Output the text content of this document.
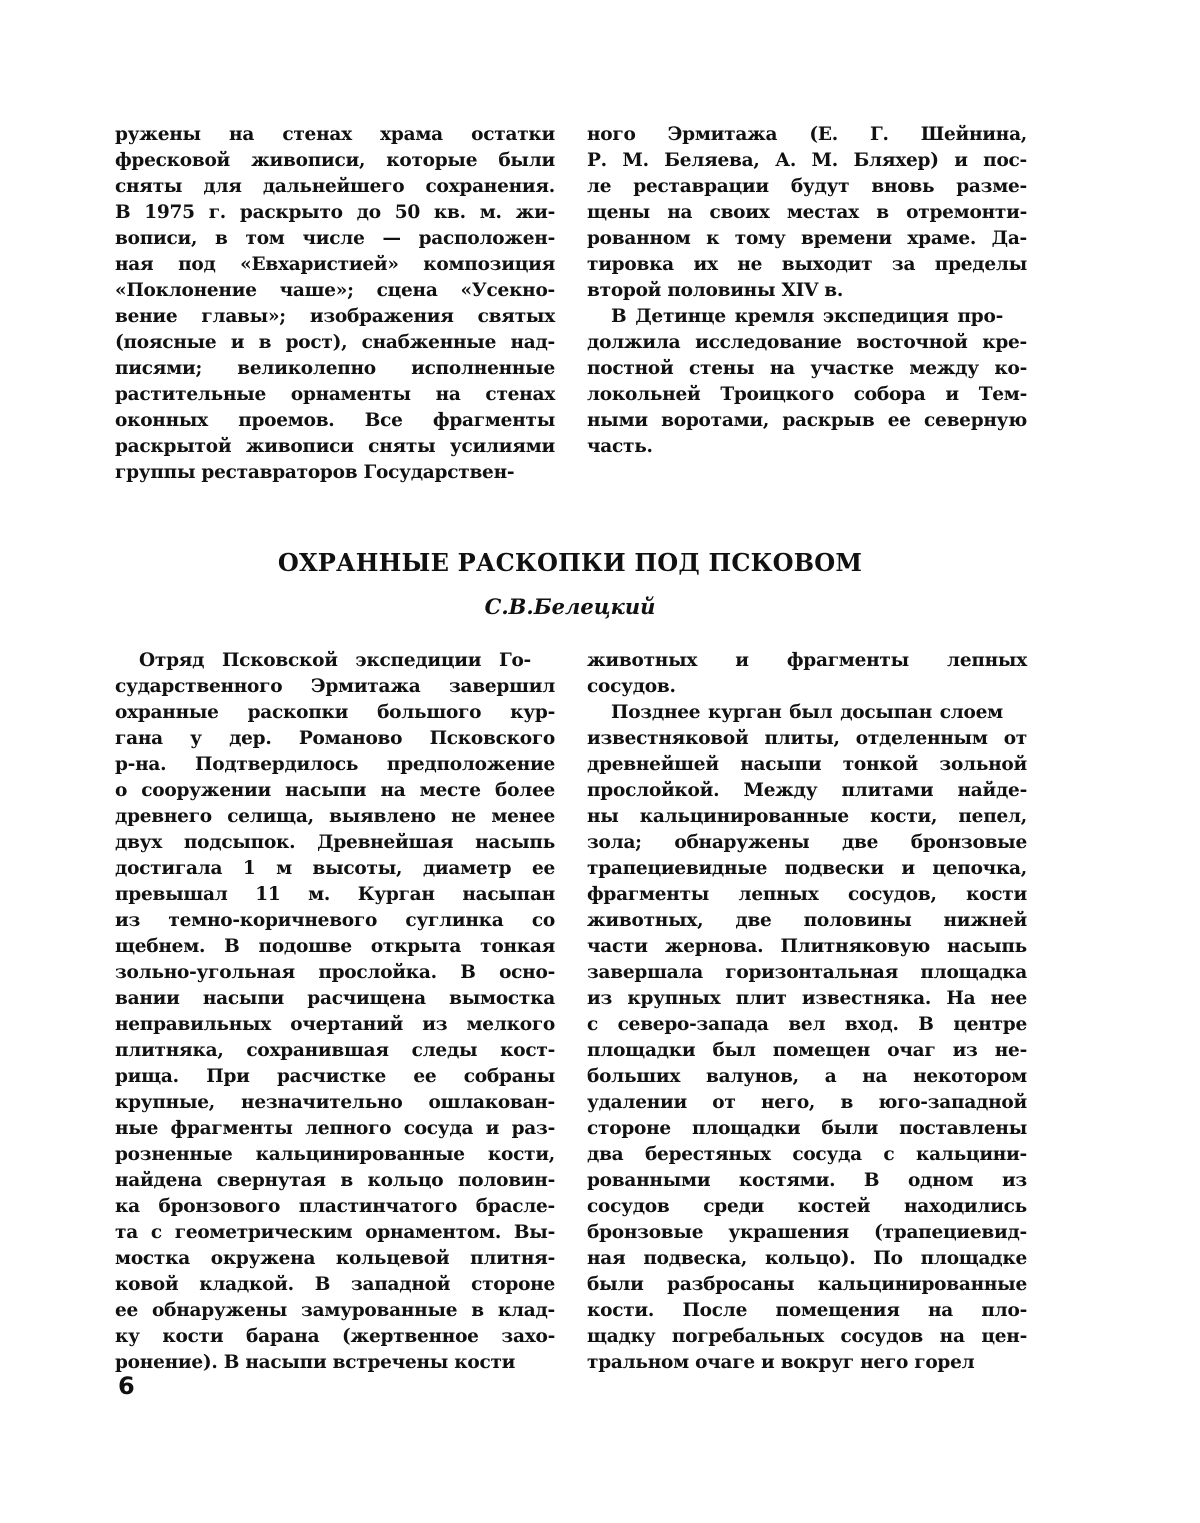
ружены на стенах храма остатки
фресковой живописи, которые были
сняты для дальнейшего сохранения.
В 1975 г. раскрыто до 50 кв. м. жи-
вописи, в том числе — расположен-
ная под «Евхаристией» композиция
«Поклонение чаше»; сцена «Усекно-
вение главы»; изображения святых
(поясные и в рост), снабженные над-
писями; великолепно исполненные
растительные орнаменты на стенах
оконных проемов. Все фрагменты
раскрытой живописи сняты усилиями
группы реставраторов Государствен-
ного Эрмитажа (Е. Г. Шейнина,
Р. М. Беляева, А. М. Бляхер) и пос-
ле реставрации будут вновь разме-
щены на своих местах в отремонти-
рованном к тому времени храме. Да-
тировка их не выходит за пределы
второй половины XIV в.
В Детинце кремля экспедиция про-
должила исследование восточной кре-
постной стены на участке между ко-
локольней Троицкого собора и Тем-
ными воротами, раскрыв ее северную
часть.
ОХРАННЫЕ РАСКОПКИ ПОД ПСКОВОМ
С.В.Белецкий
Отряд Псковской экспедиции Го-
сударственного Эрмитажа завершил
охранные раскопки большого кур-
гана у дер. Романово Псковского
р-на. Подтвердилось предположение
о сооружении насыпи на месте более
древнего селища, выявлено не менее
двух подсыпок. Древнейшая насыпь
достигала 1 м высоты, диаметр ее
превышал 11 м. Курган насыпан
из темно-коричневого суглинка со
щебнем. В подошве открыта тонкая
зольно-угольная прослойка. В осно-
вании насыпи расчищена вымостка
неправильных очертаний из мелкого
плитняка, сохранившая следы кост-
рища. При расчистке ее собраны
крупные, незначительно ошлакован-
ные фрагменты лепного сосуда и раз-
розненные кальцинированные кости,
найдена свернутая в кольцо половин-
ка бронзового пластинчатого брасле-
та с геометрическим орнаментом. Вы-
мостка окружена кольцевой плитня-
ковой кладкой. В западной стороне
ее обнаружены замурованные в клад-
ку кости барана (жертвенное захо-
ронение). В насыпи встречены кости
животных и фрагменты лепных
сосудов.
Позднее курган был досыпан слоем
известняковой плиты, отделенным от
древнейшей насыпи тонкой зольной
прослойкой. Между плитами найде-
ны кальцинированные кости, пепел,
зола; обнаружены две бронзовые
трапециевидные подвески и цепочка,
фрагменты лепных сосудов, кости
животных, две половины нижней
части жернова. Плитняковую насыпь
завершала горизонтальная площадка
из крупных плит известняка. На нее
с северо-запада вел вход. В центре
площадки был помещен очаг из не-
больших валунов, а на некотором
удалении от него, в юго-западной
стороне площадки были поставлены
два берестяных сосуда с кальцини-
рованными костями. В одном из
сосудов среди костей находились
бронзовые украшения (трапециевид-
ная подвеска, кольцо). По площадке
были разбросаны кальцинированные
кости. После помещения на пло-
щадку погребальных сосудов на цен-
тральном очаге и вокруг него горел
6
